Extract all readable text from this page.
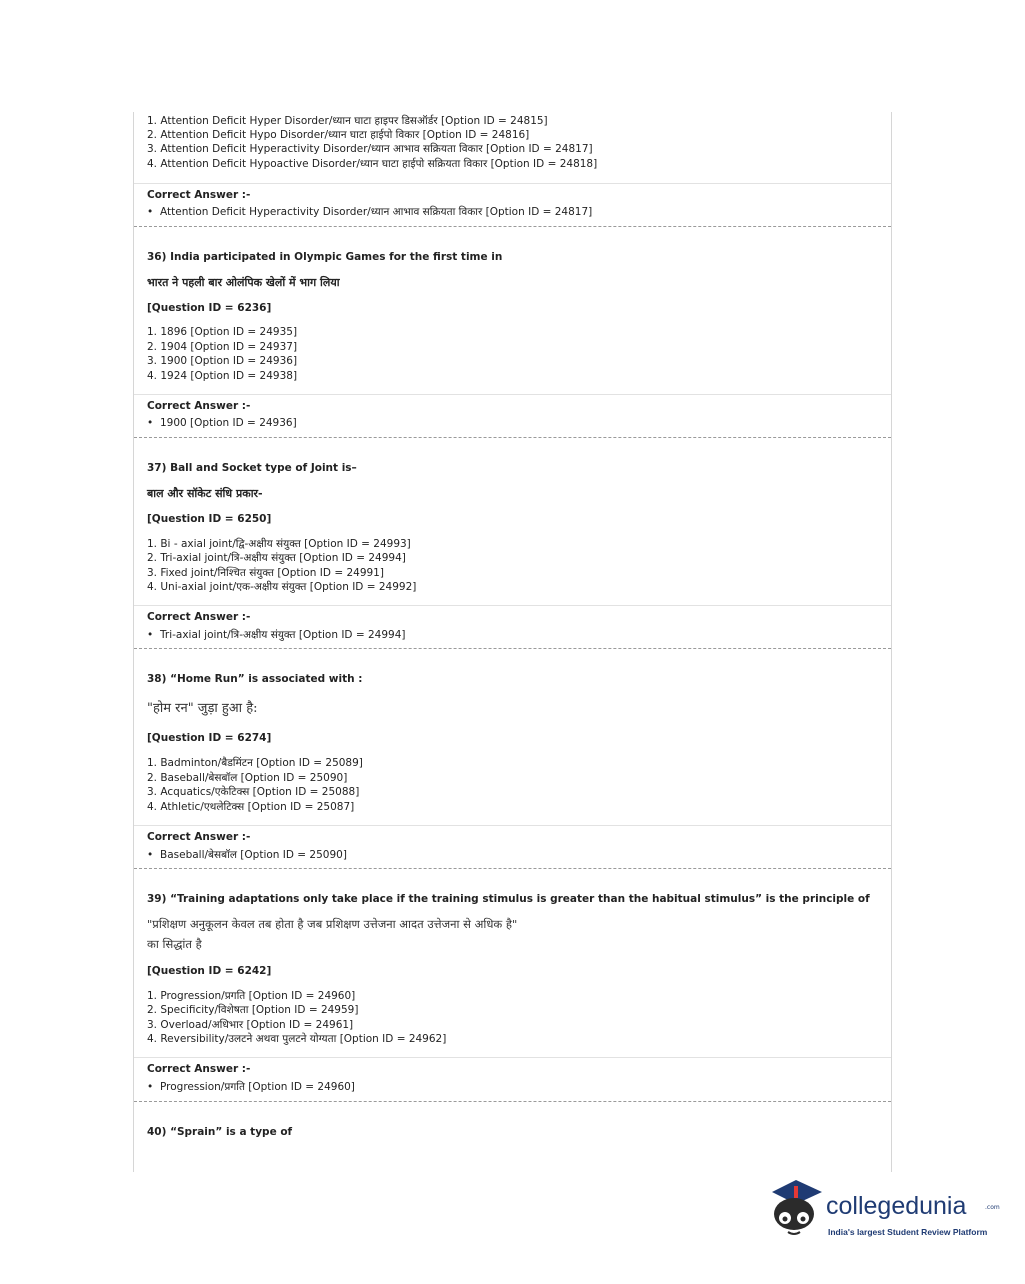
1. Attention Deficit Hyper Disorder/ध्यान घाटा हाइपर डिसऑर्डर [Option ID = 24815]
2. Attention Deficit Hypo Disorder/ध्यान घाटा हाईपो विकार [Option ID = 24816]
3. Attention Deficit Hyperactivity Disorder/ध्यान आभाव सक्रियता विकार [Option ID = 24817]
4. Attention Deficit Hypoactive Disorder/ध्यान घाटा हाईपो सक्रियता विकार [Option ID = 24818]
Correct Answer :-
• Attention Deficit Hyperactivity Disorder/ध्यान आभाव सक्रियता विकार [Option ID = 24817]
36) India participated in Olympic Games for the first time in
भारत ने पहली बार ओलंपिक खेलों में भाग लिया
[Question ID = 6236]
1. 1896 [Option ID = 24935]
2. 1904 [Option ID = 24937]
3. 1900 [Option ID = 24936]
4. 1924 [Option ID = 24938]
Correct Answer :-
• 1900 [Option ID = 24936]
37) Ball and Socket type of Joint is–
बाल और सॉकेट संधि प्रकार-
[Question ID = 6250]
1. Bi - axial joint/द्वि-अक्षीय संयुक्त [Option ID = 24993]
2. Tri-axial joint/त्रि-अक्षीय संयुक्त [Option ID = 24994]
3. Fixed joint/निश्चित संयुक्त [Option ID = 24991]
4. Uni-axial joint/एक-अक्षीय संयुक्त [Option ID = 24992]
Correct Answer :-
• Tri-axial joint/त्रि-अक्षीय संयुक्त [Option ID = 24994]
38) “Home Run” is associated with :
"होम रन" जुड़ा हुआ है:
[Question ID = 6274]
1. Badminton/बैडमिंटन [Option ID = 25089]
2. Baseball/बेसबॉल [Option ID = 25090]
3. Acquatics/एकेटिक्स [Option ID = 25088]
4. Athletic/एथलेटिक्स [Option ID = 25087]
Correct Answer :-
• Baseball/बेसबॉल [Option ID = 25090]
39) “Training adaptations only take place if the training stimulus is greater than the habitual stimulus” is the principle of
"प्रशिक्षण अनुकूलन केवल तब होता है जब प्रशिक्षण उत्तेजना आदत उत्तेजना से अधिक है"
का सिद्धांत है
[Question ID = 6242]
1. Progression/प्रगति [Option ID = 24960]
2. Specificity/विशेषता [Option ID = 24959]
3. Overload/अधिभार [Option ID = 24961]
4. Reversibility/उलटने अथवा पुलटने योग्यता [Option ID = 24962]
Correct Answer :-
• Progression/प्रगति [Option ID = 24960]
40) “Sprain” is a type of
collegedunia	.com
India's largest Student Review Platform
